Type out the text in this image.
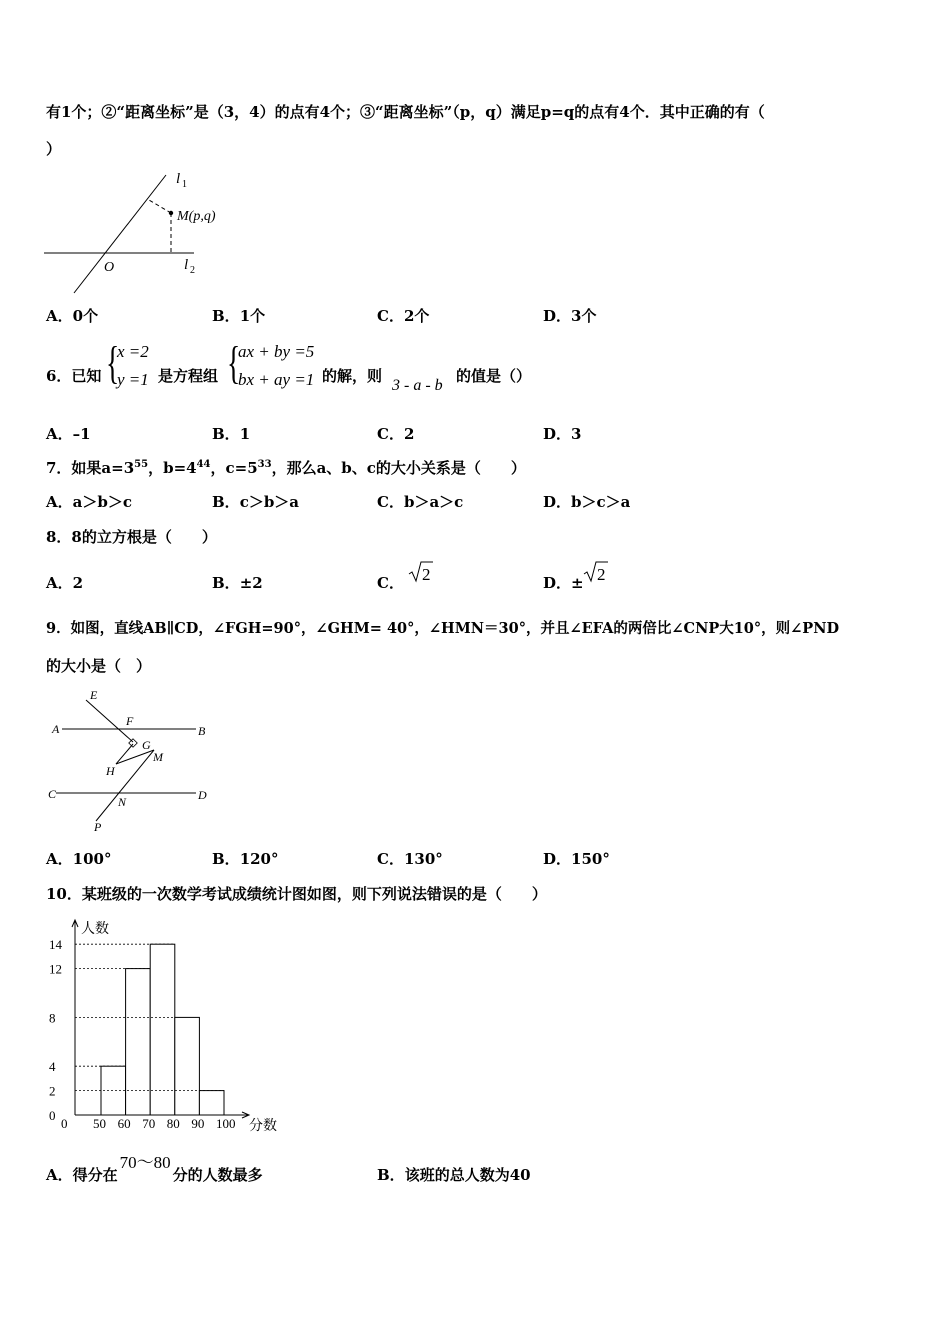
有1个；②“距离坐标”是（3，4）的点有4个；③“距离坐标”（p，q）满足p=q的点有4个．其中正确的有（
）
l 1
M(p,q)
O	l 2
A．0个	B．1个	C．2个	D．3个
6．已知 {
x =2
y =1 是方程组 {
ax + by =5
bx + ay =1 的解，则
3 - a - b
的值是（）
A．–1	B．1	C．2	D．3
7．如果$a=3^{55}$，$b=4^{44}$，$c=5^{33}$，那么a、b、c的大小关系是（　　）
A．a＞b＞c	B．c＞b＞a	C．b＞a＞c	D．b＞c＞a
8．8的立方根是（　　）
A．2	B．±2	C． 2	D．± 2
9．如图，直线AB∥CD，∠FGH=90°，∠GHM= 40°，∠HMN＝30°，并且∠EFA的两倍比∠CNP大10°，则∠PND
的大小是（　）
E
F
A	B
G
M
H
C	D
N
P
A．100°	B．120°	C．130°	D．150°
10．某班级的一次数学考试成绩统计图如图，则下列说法错误的是（　　）
人数
分数
0 50 60 70 80 90 100
0
2
4
8
12
14
A．得分在70～80分的人数最多	B．该班的总人数为40
